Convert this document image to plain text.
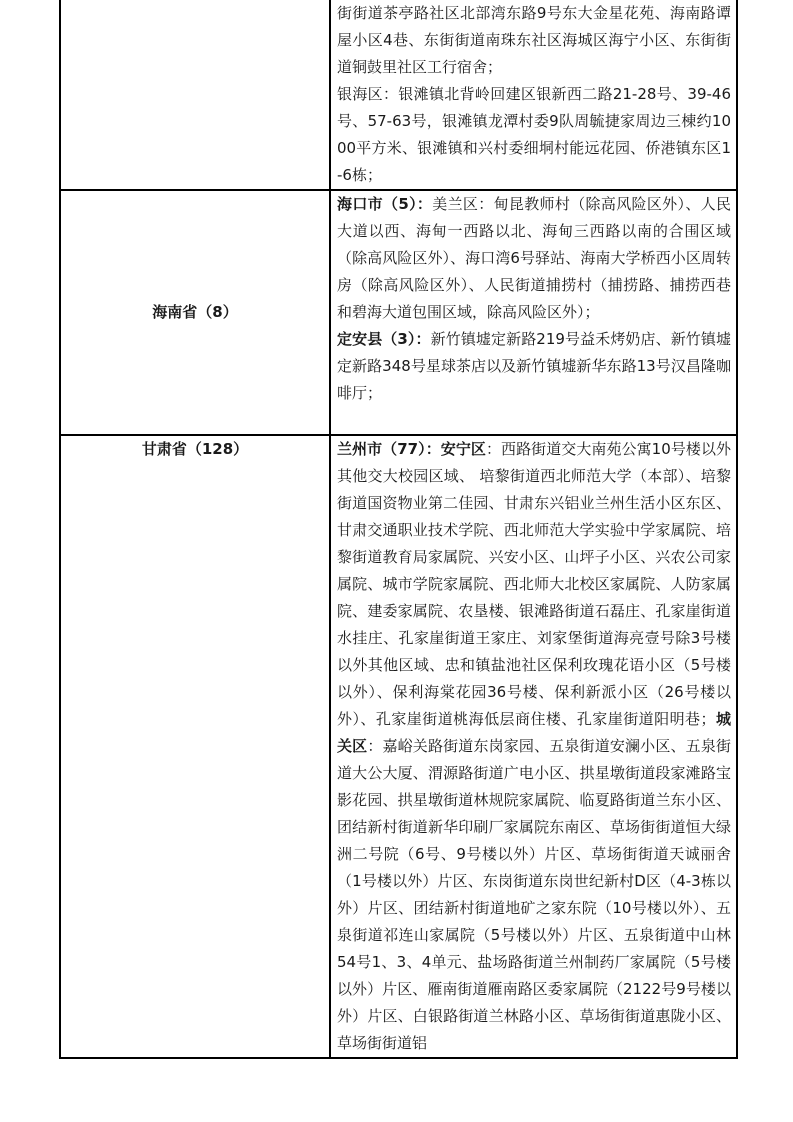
	街街道茶亭路社区北部湾东路9号东大金星花苑、海南路谭屋小区4巷、东街街道南珠东社区海城区海宁小区、东街街道铜鼓里社区工行宿舍；

银海区：银滩镇北背岭回建区银新西二路21-28号、39-46号、57-63号，银滩镇龙潭村委9队周毓捷家周边三棟约1000平方米、银滩镇和兴村委细垌村能远花园、侨港镇东区1-6栋；

海南省（8）	海口市（5）：美兰区：甸昆教师村（除高风险区外）、人民大道以西、海甸一西路以北、海甸三西路以南的合围区域（除高风险区外）、海口湾6号驿站、海南大学桥西小区周转房（除高风险区外）、人民街道捕捞村（捕捞路、捕捞西巷和碧海大道包围区域，除高风险区外）；

定安县（3）：新竹镇墟定新路219号益禾烤奶店、新竹镇墟定新路348号星球茶店以及新竹镇墟新华东路13号汉昌隆咖啡厅；

甘肃省（128）	兰州市（77）：安宁区：西路街道交大南苑公寓10号楼以外其他交大校园区域、 培黎街道西北师范大学（本部）、培黎街道国资物业第二佳园、甘肃东兴铝业兰州生活小区东区、甘肃交通职业技术学院、西北师范大学实验中学家属院、培黎街道教育局家属院、兴安小区、山坪子小区、兴农公司家属院、城市学院家属院、西北师大北校区家属院、人防家属院、建委家属院、农垦楼、银滩路街道石磊庄、孔家崖街道水挂庄、孔家崖街道王家庄、刘家堡街道海亮壹号除3号楼以外其他区域、忠和镇盐池社区保利玫瑰花语小区（5号楼以外）、保利海棠花园36号楼、保利新派小区（26号楼以外）、孔家崖街道桃海低层商住楼、孔家崖街道阳明巷；城关区：嘉峪关路街道东岗家园、五泉街道安澜小区、五泉街道大公大厦、渭源路街道广电小区、拱星墩街道段家滩路宝影花园、拱星墩街道林规院家属院、临夏路街道兰东小区、团结新村街道新华印刷厂家属院东南区、草场街街道恒大绿洲二号院（6号、9号楼以外）片区、草场街街道天诚丽舍（1号楼以外）片区、东岗街道东岗世纪新村D区（4-3栋以外）片区、团结新村街道地矿之家东院（10号楼以外）、五泉街道祁连山家属院（5号楼以外）片区、五泉街道中山林54号1、3、4单元、盐场路街道兰州制药厂家属院（5号楼以外）片区、雁南街道雁南路区委家属院（2122号9号楼以外）片区、白银路街道兰林路小区、草场街街道惠陇小区、草场街街道铝
